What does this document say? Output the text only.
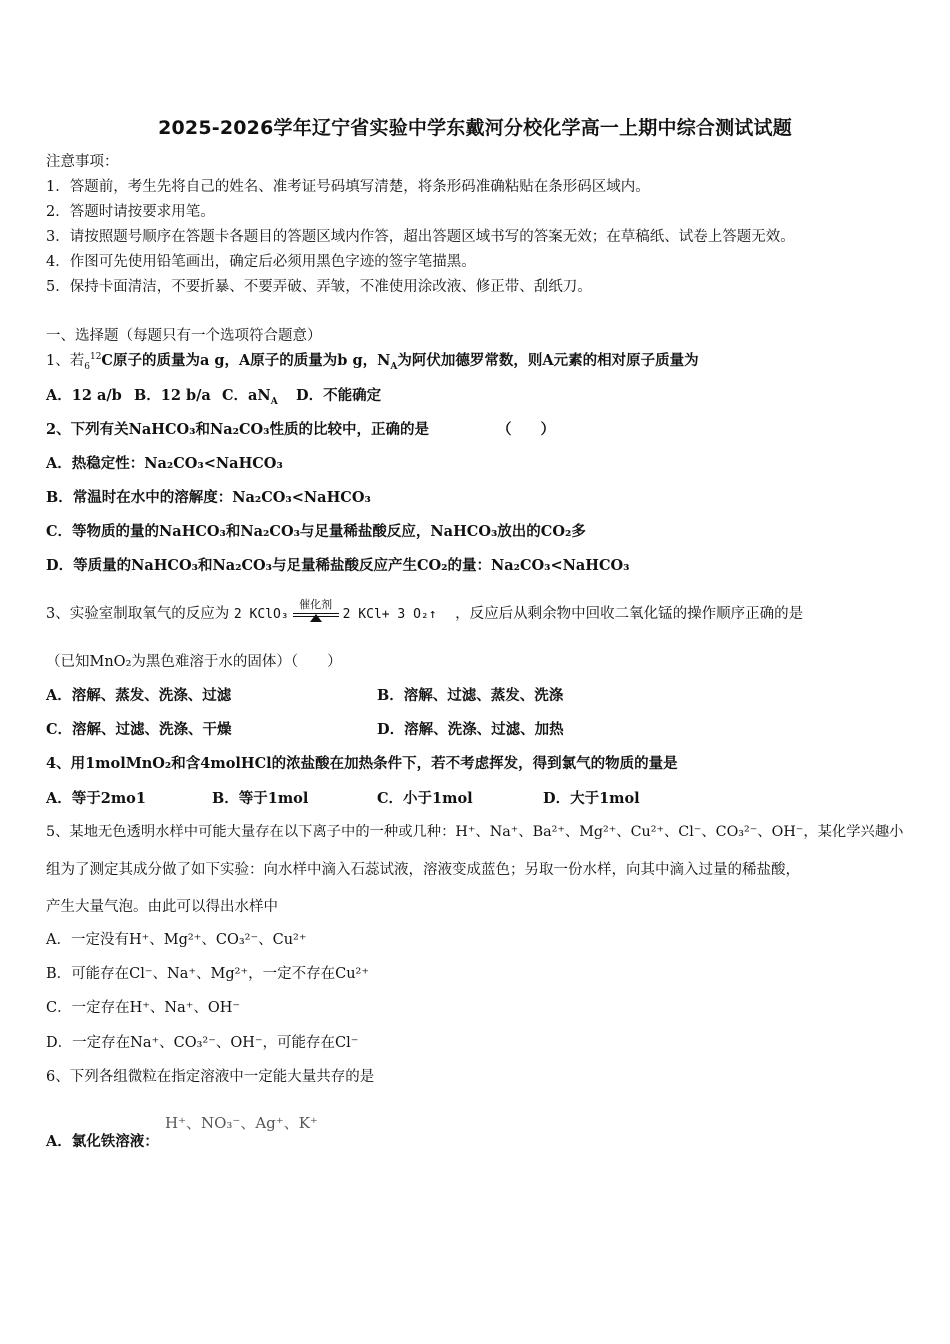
2025-2026学年辽宁省实验中学东戴河分校化学高一上期中综合测试试题
注意事项：
1．答题前，考生先将自己的姓名、准考证号码填写清楚，将条形码准确粘贴在条形码区域内。
2．答题时请按要求用笔。
3．请按照题号顺序在答题卡各题目的答题区域内作答，超出答题区域书写的答案无效；在草稿纸、试卷上答题无效。
4．作图可先使用铅笔画出，确定后必须用黑色字迹的签字笔描黑。
5．保持卡面清洁，不要折暴、不要弄破、弄皱，不准使用涂改液、修正带、刮纸刀。
一、选择题（每题只有一个选项符合题意）
1、若$_6^{12}$C原子的质量为a g，A原子的质量为b g，$N_A$为阿伏加德罗常数，则A元素的相对原子质量为
A．12 a/b B．12 b/a C．$aN_A$ D．不能确定
2、下列有关NaHCO₃和Na₂CO₃性质的比较中，正确的是	（　　）
A．热稳定性：Na₂CO₃<NaHCO₃
B．常温时在水中的溶解度：Na₂CO₃<NaHCO₃
C．等物质的量的NaHCO₃和Na₂CO₃与足量稀盐酸反应，NaHCO₃放出的CO₂多
D．等质量的NaHCO₃和Na₂CO₃与足量稀盐酸反应产生CO₂的量：Na₂CO₃<NaHCO₃
3、实验室制取氧气的反应为 2 KClO₃
催化剂
2 KCl+ 3 O₂↑ ，反应后从剩余物中回收二氧化锰的操作顺序正确的是
（已知MnO₂为黑色难溶于水的固体）（　　）
A．溶解、蒸发、洗涤、过滤	B．溶解、过滤、蒸发、洗涤
C．溶解、过滤、洗涤、干燥	D．溶解、洗涤、过滤、加热
4、用1molMnO₂和含4molHCl的浓盐酸在加热条件下，若不考虑挥发，得到氯气的物质的量是
A．等于2mo1	B．等于1mol	C．小于1mol	D．大于1mol
5、某地无色透明水样中可能大量存在以下离子中的一种或几种：H⁺、Na⁺、Ba²⁺、Mg²⁺、Cu²⁺、Cl⁻、CO₃²⁻、OH⁻，某化学兴趣小
组为了测定其成分做了如下实验：向水样中滴入石蕊试液，溶液变成蓝色；另取一份水样，向其中滴入过量的稀盐酸，
产生大量气泡。由此可以得出水样中
A．一定没有H⁺、Mg²⁺、CO₃²⁻、Cu²⁺
B．可能存在Cl⁻、Na⁺、Mg²⁺，一定不存在Cu²⁺
C．一定存在H⁺、Na⁺、OH⁻
D．一定存在Na⁺、CO₃²⁻、OH⁻，可能存在Cl⁻
6、下列各组微粒在指定溶液中一定能大量共存的是
H⁺、NO₃⁻、Ag⁺、K⁺
A．氯化铁溶液：
